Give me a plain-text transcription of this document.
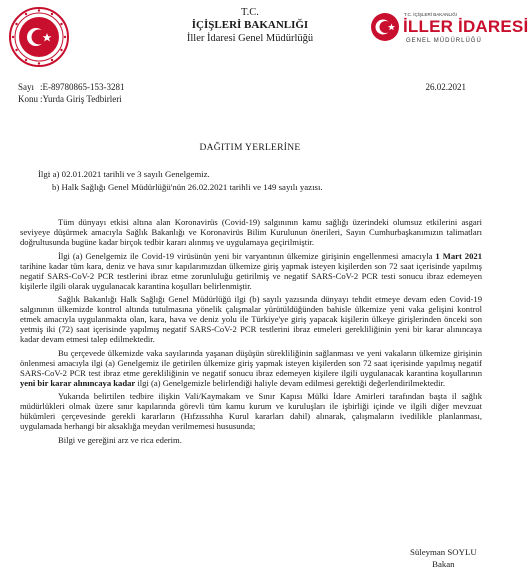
T.C.
İÇİŞLERİ BAKANLIĞI
İller İdaresi Genel Müdürlüğü
T.C. İÇİŞLERİ BAKANLIĞI
İLLER İDARESİ
GENEL MÜDÜRLÜĞÜ
Sayı :E-89780865-153-3281
Konu :Yurda Giriş Tedbirleri
26.02.2021
DAĞITIM YERLERİNE
İlgi: a) 02.01.2021 tarihli ve 3 sayılı Genelgemiz.
b) Halk Sağlığı Genel Müdürlüğü'nün 26.02.2021 tarihli ve 149 sayılı yazısı.

Tüm dünyayı etkisi altına alan Koronavirüs (Covid-19) salgınının kamu sağlığı üzerindeki olumsuz etkilerini asgari seviyeye düşürmek amacıyla Sağlık Bakanlığı ve Koronavirüs Bilim Kurulunun önerileri, Sayın Cumhurbaşkanımızın talimatları doğrultusunda bugüne kadar birçok tedbir kararı alınmış ve uygulamaya geçirilmiştir.

İlgi (a) Genelgemiz ile Covid-19 virüsünün yeni bir varyantının ülkemize girişinin engellenmesi amacıyla 1 Mart 2021 tarihine kadar tüm kara, deniz ve hava sınır kapılarımızdan ülkemize giriş yapmak isteyen kişilerden son 72 saat içerisinde yapılmış negatif SARS-CoV-2 PCR testlerini ibraz etme zorunluluğu getirilmiş ve negatif SARS-CoV-2 PCR testi sonucu ibraz edemeyen kişilerle ilgili olarak uygulanacak karantina koşulları belirlenmiştir.

Sağlık Bakanlığı Halk Sağlığı Genel Müdürlüğü ilgi (b) sayılı yazısında dünyayı tehdit etmeye devam eden Covid-19 salgınının ülkemizde kontrol altında tutulmasına yönelik çalışmalar yürütüldüğünden bahisle ülkemize yeni vaka gelişini kontrol etmek amacıyla uygulanmakta olan, kara, hava ve deniz yolu ile Türkiye'ye giriş yapacak kişilerin ülkeye girişlerinden önceki son yetmiş iki (72) saat içerisinde yapılmış negatif SARS-CoV-2 PCR testlerini ibraz etmeleri gerekliliğinin yeni bir karar alınıncaya kadar devam etmesi talep edilmektedir.

Bu çerçevede ülkemizde vaka sayılarında yaşanan düşüşün sürekliliğinin sağlanması ve yeni vakaların ülkemize girişinin önlenmesi amacıyla ilgi (a) Genelgemiz ile getirilen ülkemize giriş yapmak isteyen kişilerden son 72 saat içerisinde yapılmış negatif SARS-CoV-2 PCR test ibraz etme gerekliliğinin ve negatif sonucu ibraz edemeyen kişilere ilgili uygulanacak karantina koşullarının yeni bir karar alınıncaya kadar ilgi (a) Genelgemizle belirlendiği haliyle devam edilmesi gerektiği değerlendirilmektedir.

Yukarıda belirtilen tedbire ilişkin Vali/Kaymakam ve Sınır Kapısı Mülki İdare Amirleri tarafından başta il sağlık müdürlükleri olmak üzere sınır kapılarında görevli tüm kamu kurum ve kuruluşları ile işbirliği içinde ve ilgili diğer mevzuat hükümleri çerçevesinde gerekli kararların (Hıfzıssıhha Kurul kararları dahil) alınarak, çalışmaların ivedilikle planlanması, uygulamada herhangi bir aksaklığa meydan verilmemesi hususunda;

Bilgi ve gereğini arz ve rica ederim.

Süleyman SOYLU
Bakan
